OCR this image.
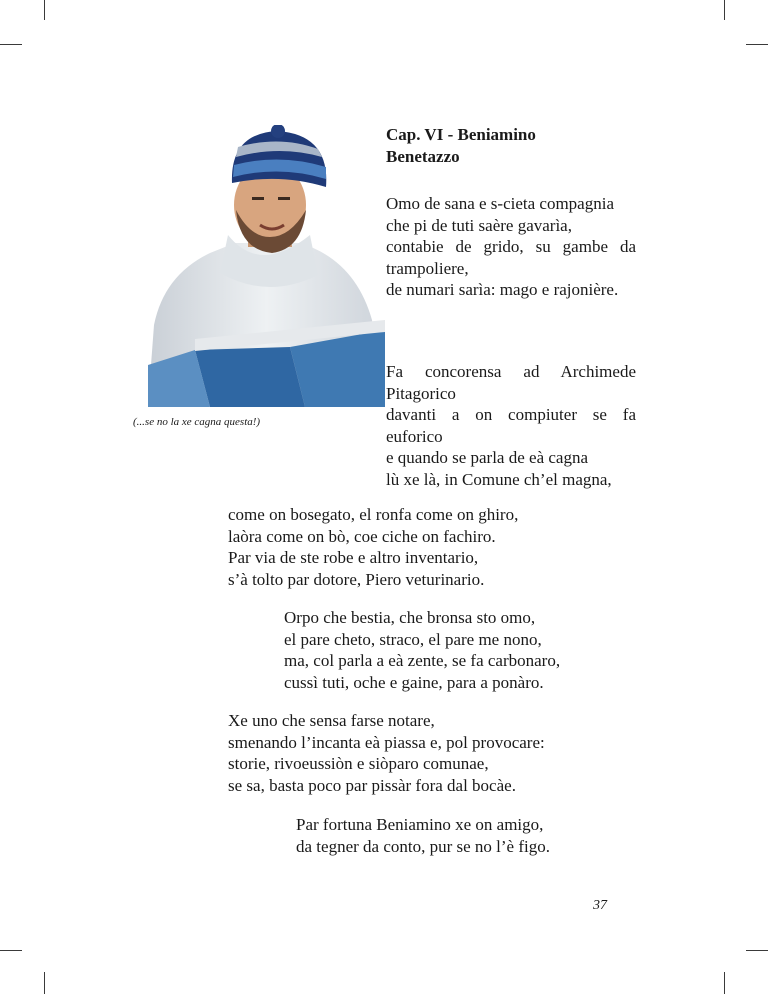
(...se no la xe cagna questa!)
Cap. VI - Beniamino
Benetazzo
Omo de sana e s-cieta compagnia
che pi de tuti saère gavarìa,
contabie de grido, su gambe da trampoliere,
de numari sarìa: mago e rajonière.
Fa concorensa ad Archimede Pitagorico
davanti a on compiuter se fa euforico
e quando se parla de eà cagna
lù xe là, in Comune ch’el magna,
come on bosegato, el ronfa come on ghiro,
laòra come on bò, coe ciche on fachiro.
Par via de ste robe e altro inventario,
s’à tolto par dotore, Piero veturinario.
Orpo che bestia, che bronsa sto omo,
el pare cheto, straco, el pare me nono,
ma, col parla a eà zente, se fa carbonaro,
cussì tuti, oche e gaine, para a ponàro.
Xe uno che sensa farse notare,
smenando l’incanta eà piassa e, pol provocare:
storie, rivoeussiòn e siòparo comunae,
se sa, basta poco par pissàr fora dal bocàe.
Par fortuna Beniamino xe on amigo,
da tegner da conto, pur se no l’è figo.
37
